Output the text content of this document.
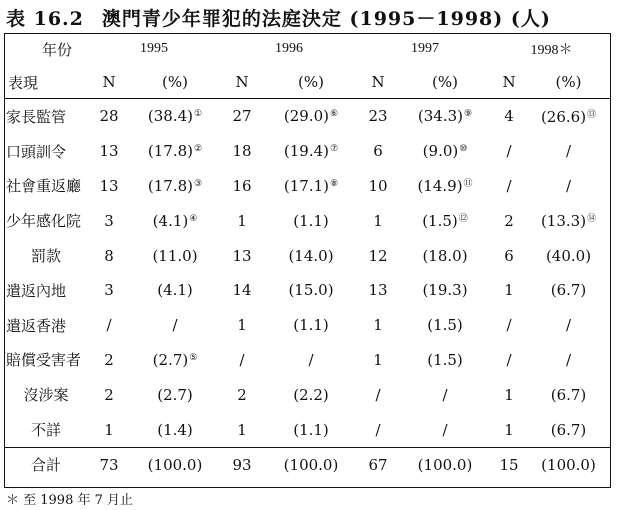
表 16.2 澳門青少年罪犯的法庭決定 (1995－1998) (人)
年份	1995		1996		1997		1998＊	
表現	N	(%)	N	(%)	N	(%)	N	(%)
家長監管	28	(38.4)①	27	(29.0)⑥	23	(34.3)⑨	4	(26.6)⑬
口頭訓令	13	(17.8)②	18	(19.4)⑦	6	(9.0)⑩	/	/
社會重返廳	13	(17.8)③	16	(17.1)⑧	10	(14.9)⑪	/	/
少年感化院	3	(4.1)④	1	(1.1)	1	(1.5)⑫	2	(13.3)⑭
罰款	8	(11.0)	13	(14.0)	12	(18.0)	6	(40.0)
遣返內地	3	(4.1)	14	(15.0)	13	(19.3)	1	(6.7)
遣返香港	/	/	1	(1.1)	1	(1.5)	/	/
賠償受害者	2	(2.7)⑤	/	/	1	(1.5)	/	/
沒涉案	2	(2.7)	2	(2.2)	/	/	1	(6.7)
不詳	1	(1.4)	1	(1.1)	/	/	1	(6.7)
合計	73	(100.0)	93	(100.0)	67	(100.0)	15	(100.0)
＊ 至 1998 年 7 月止
